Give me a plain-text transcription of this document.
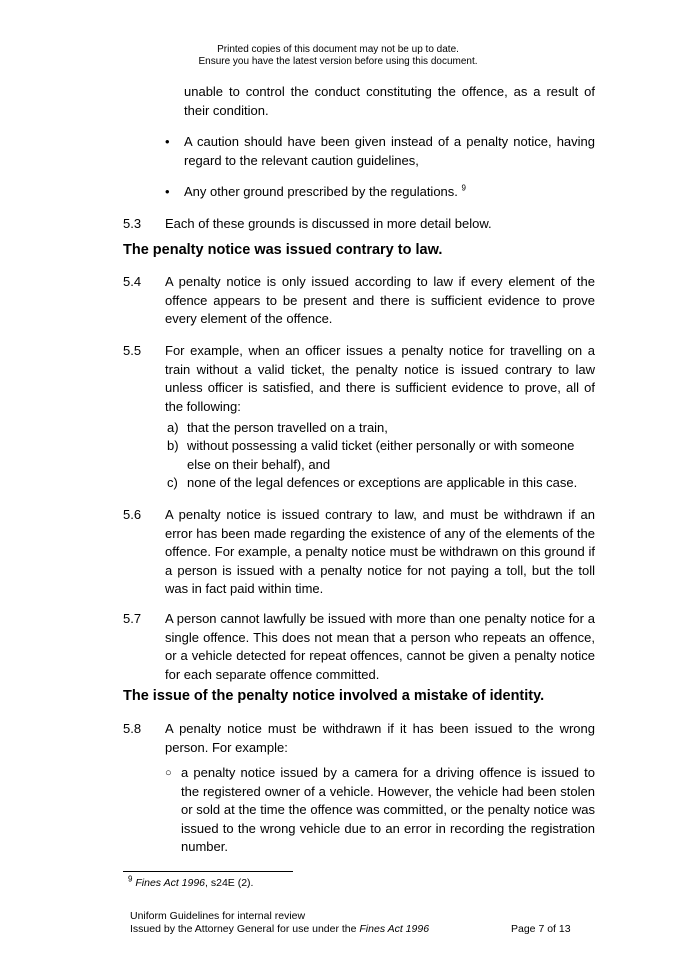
Printed copies of this document may not be up to date.
Ensure you have the latest version before using this document.
unable to control the conduct constituting the offence, as a result of their condition.
• A caution should have been given instead of a penalty notice, having regard to the relevant caution guidelines,
• Any other ground prescribed by the regulations. $^9$
5.3 Each of these grounds is discussed in more detail below.
The penalty notice was issued contrary to law.
5.4 A penalty notice is only issued according to law if every element of the offence appears to be present and there is sufficient evidence to prove every element of the offence.
5.5 For example, when an officer issues a penalty notice for travelling on a train without a valid ticket, the penalty notice is issued contrary to law unless officer is satisfied, and there is sufficient evidence to prove, all of the following:
a) that the person travelled on a train,
b) without possessing a valid ticket (either personally or with someone else on their behalf), and
c) none of the legal defences or exceptions are applicable in this case.
5.6 A penalty notice is issued contrary to law, and must be withdrawn if an error has been made regarding the existence of any of the elements of the offence. For example, a penalty notice must be withdrawn on this ground if a person is issued with a penalty notice for not paying a toll, but the toll was in fact paid within time.
5.7 A person cannot lawfully be issued with more than one penalty notice for a single offence. This does not mean that a person who repeats an offence, or a vehicle detected for repeat offences, cannot be given a penalty notice for each separate offence committed.
The issue of the penalty notice involved a mistake of identity.
5.8 A penalty notice must be withdrawn if it has been issued to the wrong person. For example:
○ a penalty notice issued by a camera for a driving offence is issued to the registered owner of a vehicle. However, the vehicle had been stolen or sold at the time the offence was committed, or the penalty notice was issued to the wrong vehicle due to an error in recording the registration number.
$^9$ Fines Act 1996, s24E (2).
Uniform Guidelines for internal review
Issued by the Attorney General for use under the Fines Act 1996	Page 7 of 13
